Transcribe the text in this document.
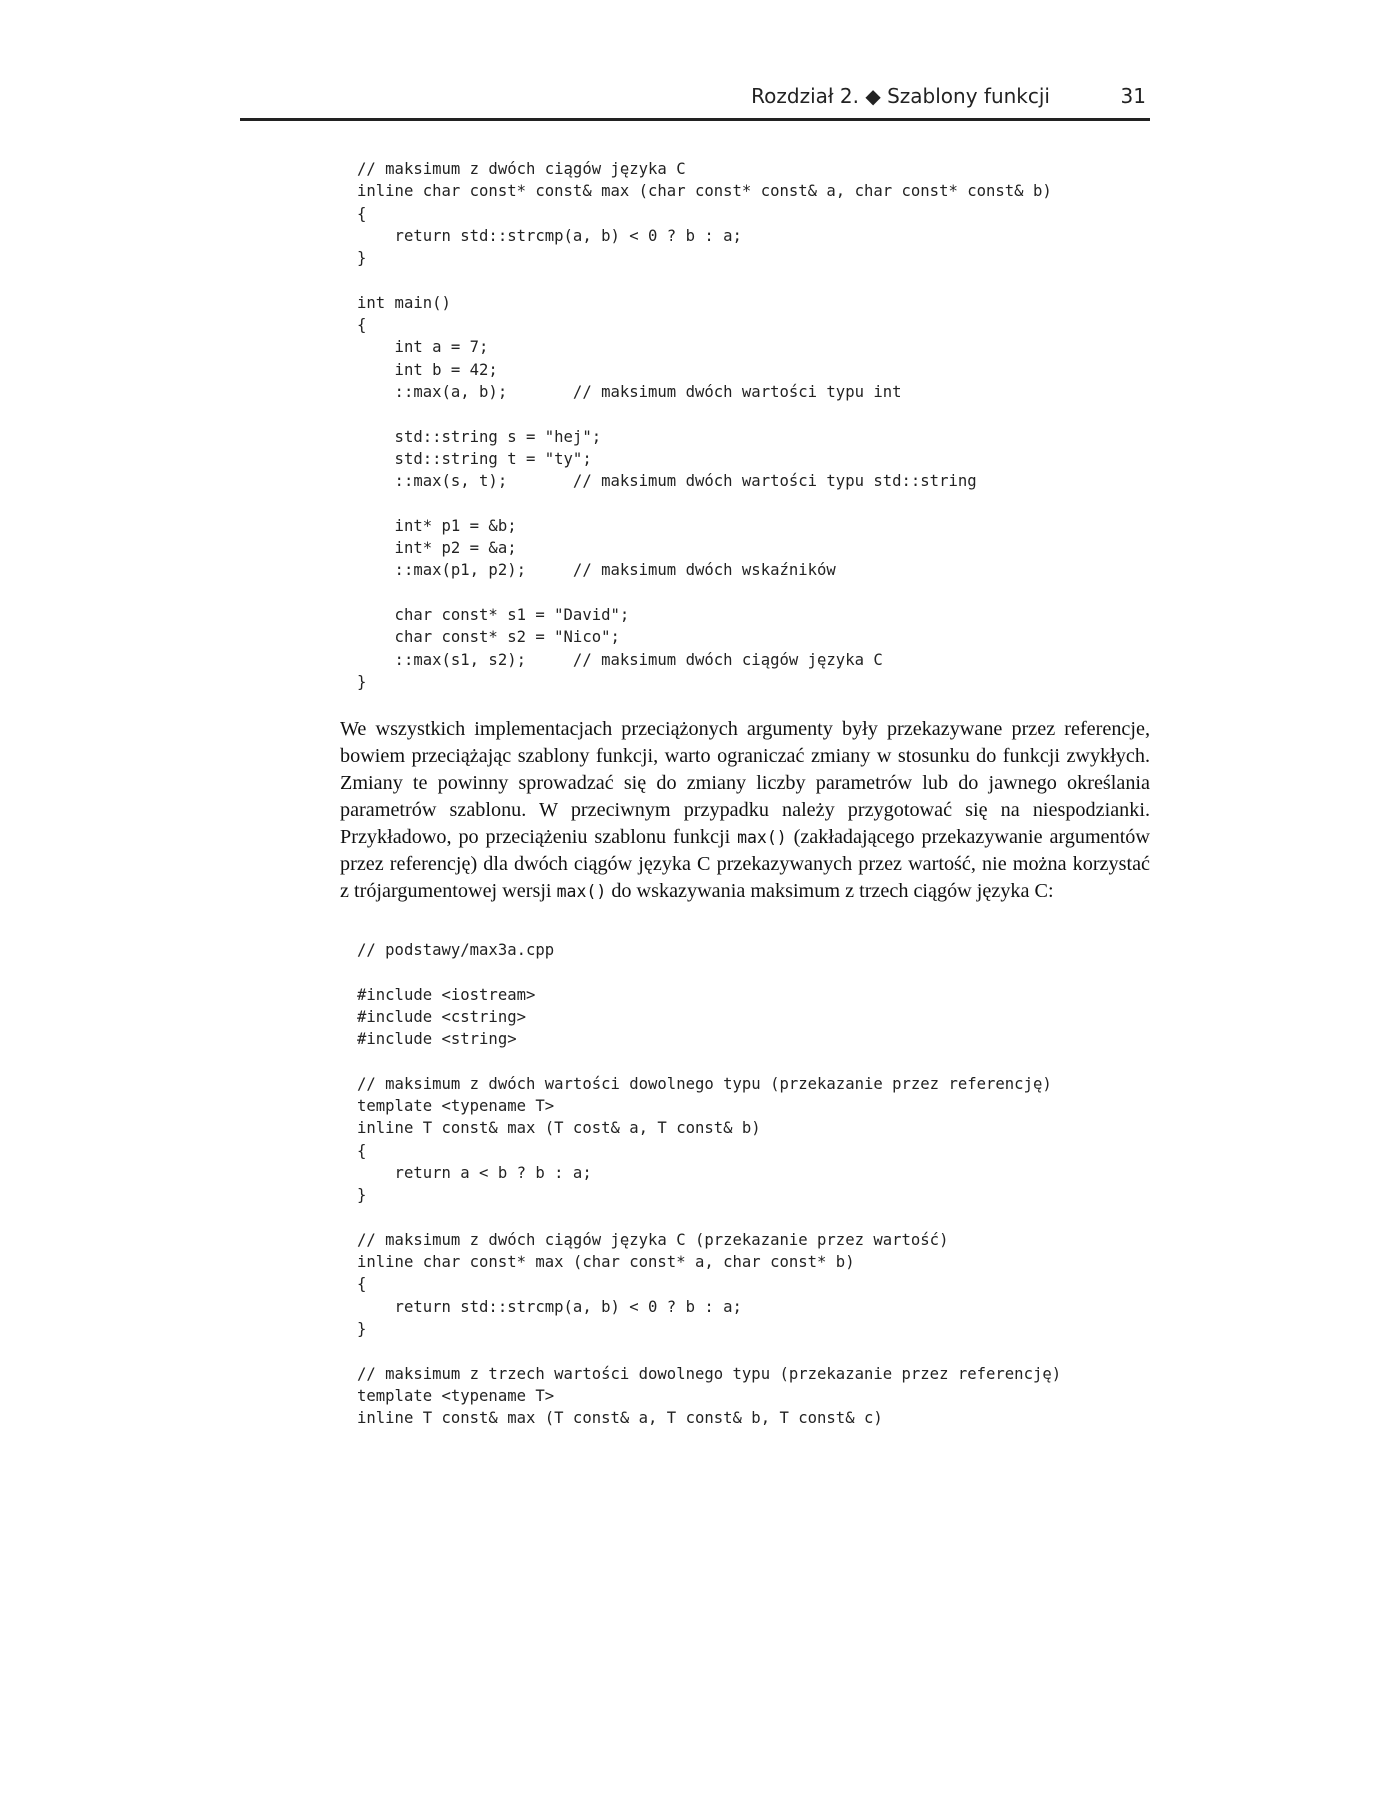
Rozdział 2. ◆ Szablony funkcji	31
// maksimum z dwóch ciągów języka C
inline char const* const& max (char const* const& a, char const* const& b)
{
return std::strcmp(a, b) < 0 ? b : a;
}
int main()
{
int a = 7;
int b = 42;
::max(a, b);       // maksimum dwóch wartości typu int
std::string s = "hej";
std::string t = "ty";
::max(s, t);       // maksimum dwóch wartości typu std::string
int* p1 = &b;
int* p2 = &a;
::max(p1, p2);     // maksimum dwóch wskaźników
char const* s1 = "David";
char const* s2 = "Nico";
::max(s1, s2);     // maksimum dwóch ciągów języka C
}

We wszystkich implementacjach przeciążonych argumenty były przekazywane przez referencje, bowiem przeciążając szablony funkcji, warto ograniczać zmiany w stosunku do funkcji zwykłych. Zmiany te powinny sprowadzać się do zmiany liczby parametrów lub do jawnego określania parametrów szablonu. W przeciwnym przypadku należy przygotować się na niespodzianki. Przykładowo, po przeciążeniu szablonu funkcji max() (zakładającego przekazywanie argumentów przez referencję) dla dwóch ciągów języka C przekazywanych przez wartość, nie można korzystać z trójargumentowej wersji max() do wskazywania maksimum z trzech ciągów języka C:

// podstawy/max3a.cpp
#include <iostream>
#include <cstring>
#include <string>
// maksimum z dwóch wartości dowolnego typu (przekazanie przez referencję)
template <typename T>
inline T const& max (T cost& a, T const& b)
{
return a < b ? b : a;
}
// maksimum z dwóch ciągów języka C (przekazanie przez wartość)
inline char const* max (char const* a, char const* b)
{
return std::strcmp(a, b) < 0 ? b : a;
}
// maksimum z trzech wartości dowolnego typu (przekazanie przez referencję)
template <typename T>
inline T const& max (T const& a, T const& b, T const& c)
